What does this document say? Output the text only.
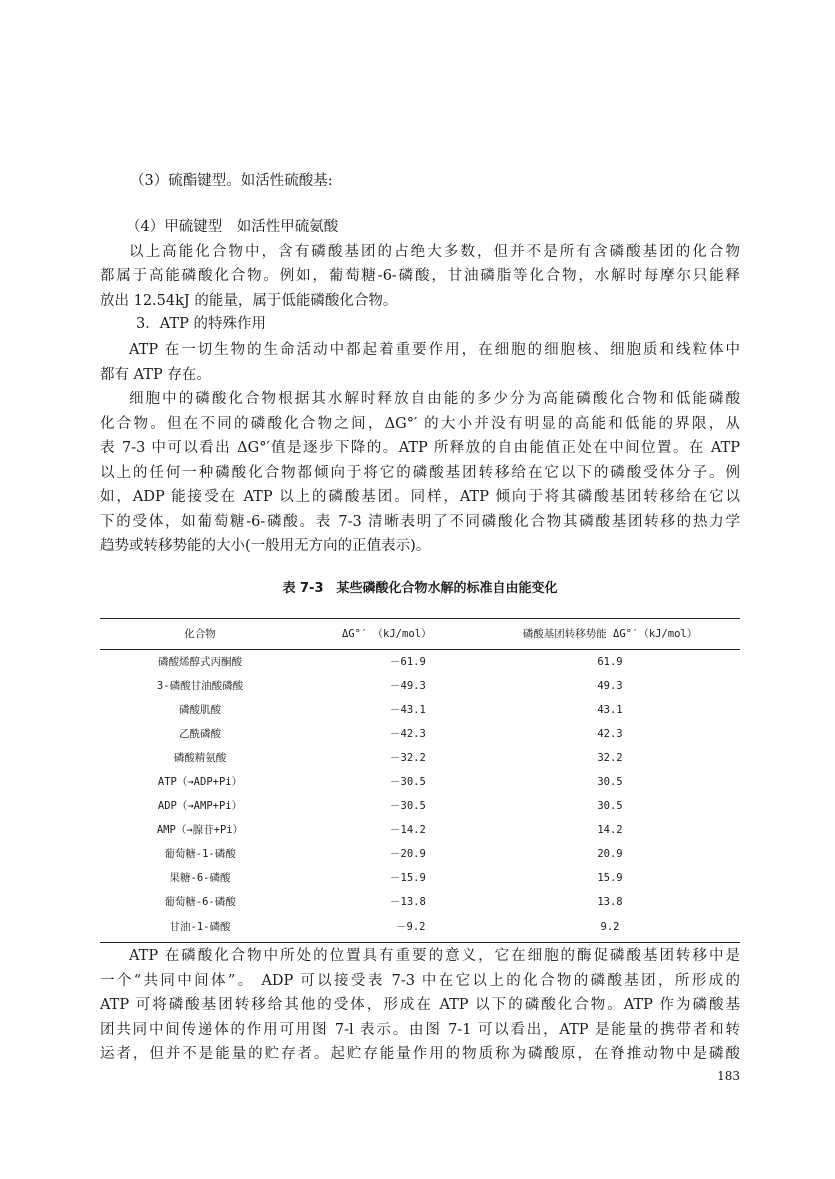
（3）硫酯键型。如活性硫酸基:
（4）甲硫键型　如活性甲硫氨酸
以上高能化合物中，含有磷酸基团的占绝大多数，但并不是所有含磷酸基团的化合物
都属于高能磷酸化合物。例如，葡萄糖-6-磷酸，甘油磷脂等化合物，水解时每摩尔只能释
放出 12.54kJ 的能量，属于低能磷酸化合物。
3．ATP 的特殊作用
ATP 在一切生物的生命活动中都起着重要作用，在细胞的细胞核、细胞质和线粒体中
都有 ATP 存在。
细胞中的磷酸化合物根据其水解时释放自由能的多少分为高能磷酸化合物和低能磷酸
化合物。但在不同的磷酸化合物之间，ΔG°′ 的大小并没有明显的高能和低能的界限，从
表 7-3 中可以看出 ΔG°′值是逐步下降的。ATP 所释放的自由能值正处在中间位置。在 ATP
以上的任何一种磷酸化合物都倾向于将它的磷酸基团转移给在它以下的磷酸受体分子。例
如，ADP 能接受在 ATP 以上的磷酸基团。同样，ATP 倾向于将其磷酸基团转移给在它以
下的受体，如葡萄糖-6-磷酸。表 7-3 清晰表明了不同磷酸化合物其磷酸基团转移的热力学
趋势或转移势能的大小(一般用无方向的正值表示)。
表 7-3　某些磷酸化合物水解的标准自由能变化
化合物	ΔG°′　（kJ/mol）	磷酸基团转移势能 ΔG°′（kJ/mol）
磷酸烯醇式丙酮酸	－61.9	61.9
3-磷酸甘油酸磷酸	－49.3	49.3
磷酸肌酸	－43.1	43.1
乙酰磷酸	－42.3	42.3
磷酸精氨酸	－32.2	32.2
ATP（→ADP+Pi）	－30.5	30.5
ADP（→AMP+Pi）	－30.5	30.5
AMP（→腺苷+Pi）	－14.2	14.2
葡萄糖-1-磷酸	－20.9	20.9
果糖-6-磷酸	－15.9	15.9
葡萄糖-6-磷酸	－13.8	13.8
甘油-1-磷酸	－9.2	9.2
ATP 在磷酸化合物中所处的位置具有重要的意义，它在细胞的酶促磷酸基团转移中是
一个“共同中间体”。 ADP 可以接受表 7-3 中在它以上的化合物的磷酸基团，所形成的
ATP 可将磷酸基团转移给其他的受体，形成在 ATP 以下的磷酸化合物。ATP 作为磷酸基
团共同中间传递体的作用可用图 7-l 表示。由图 7-1 可以看出，ATP 是能量的携带者和转
运者，但并不是能量的贮存者。起贮存能量作用的物质称为磷酸原，在脊推动物中是磷酸
183
